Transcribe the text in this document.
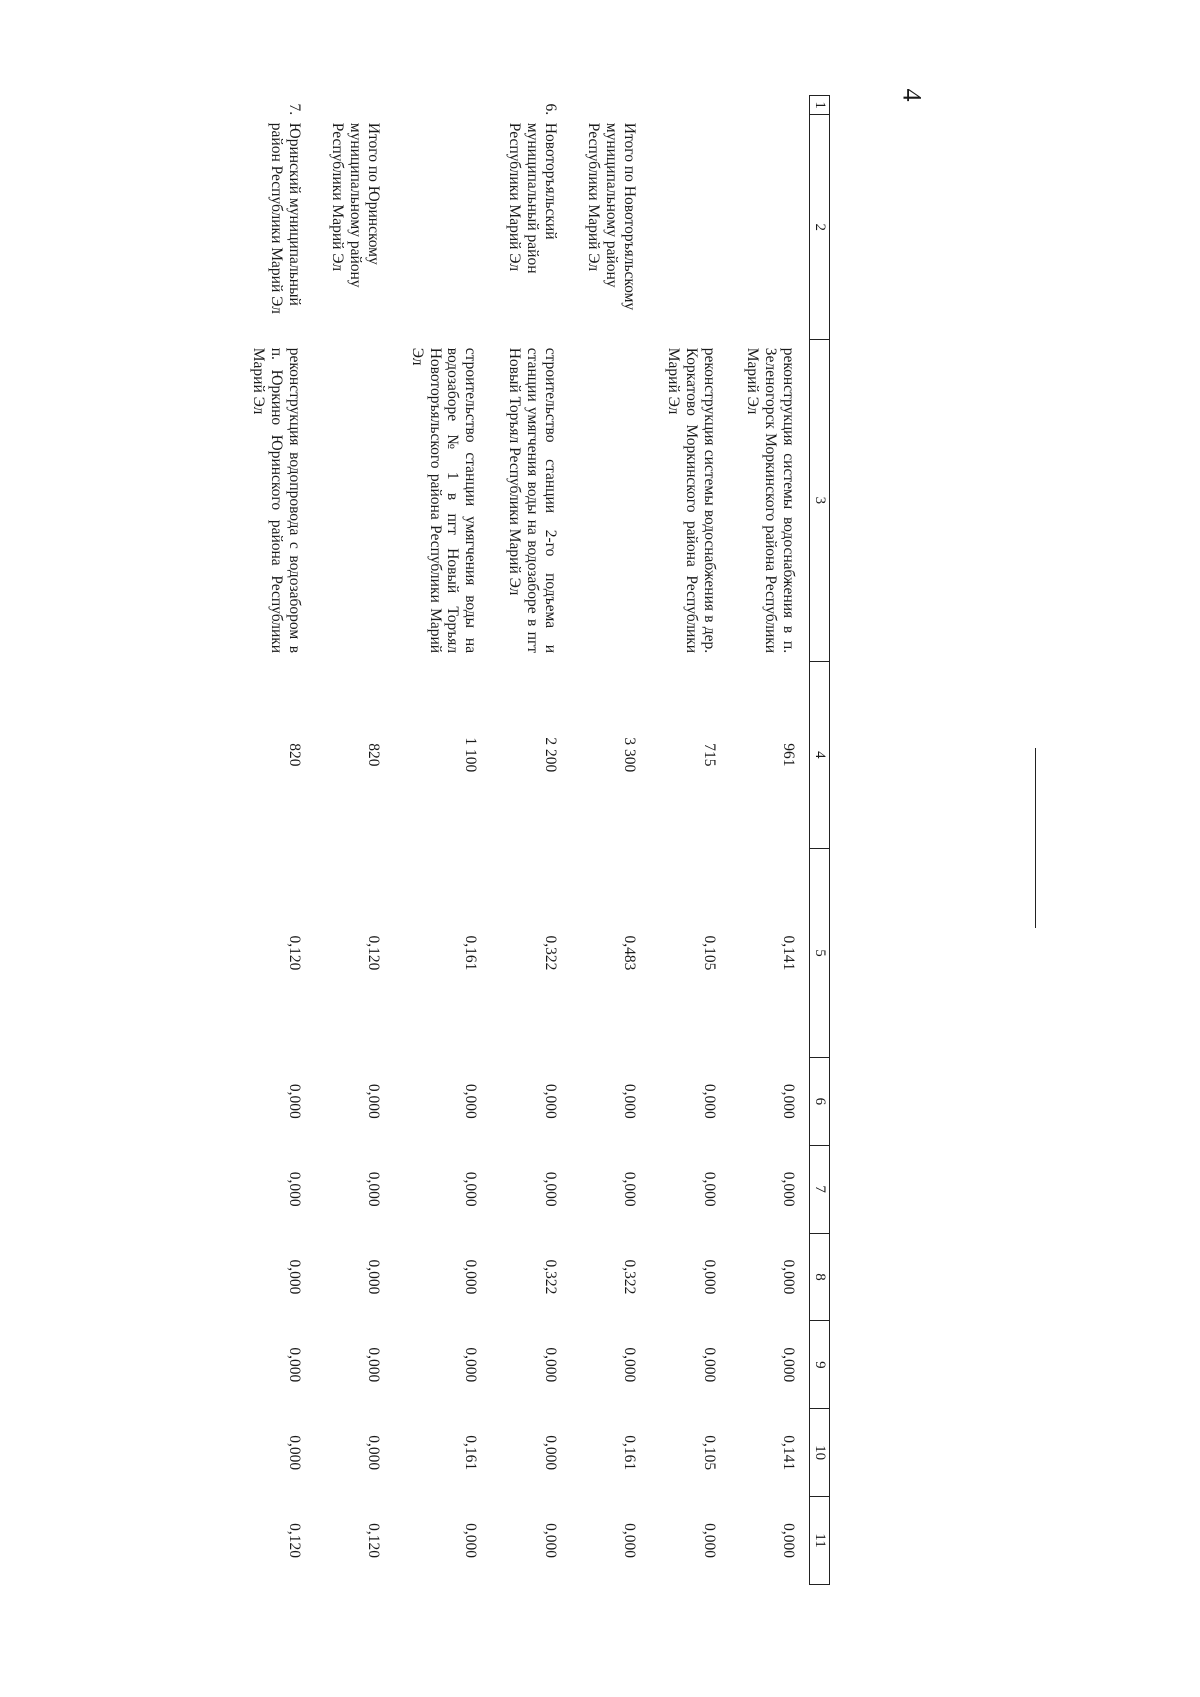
4
1	2	3	4	5	6	7	8	9	10	11
		реконструкция системы водоснабжения в п. Зеленогорск Моркинского района Республики Марий Эл	961	0,141	0,000	0,000	0,000	0,000	0,141	0,000
		реконструкция системы водоснабжения в дер. Коркатово Моркинского района Республики Марий Эл	715	0,105	0,000	0,000	0,000	0,000	0,105	0,000
	Итого по Новоторъяльскому муниципальному району Республики Марий Эл		3 300	0,483	0,000	0,000	0,322	0,000	0,161	0,000
6.	Новоторъяльский муниципальный район Республики Марий Эл	строительство станции 2-го подъема и станции умягчения воды на водозаборе в пгт Новый Торъял Республики Марий Эл	2 200	0,322	0,000	0,000	0,322	0,000	0,000	0,000
		строительство станции умягчения воды на водозаборе № 1 в пгт Новый Торъял Новоторъяльского района Республики Марий Эл	1 100	0,161	0,000	0,000	0,000	0,000	0,161	0,000
	Итого по Юринскому муниципальному району Республики Марий Эл		820	0,120	0,000	0,000	0,000	0,000	0,000	0,120
7.	Юринский муниципальный район Республики Марий Эл	реконструкция водопровода с водозабором в п. Юркино Юринского района Республики Марий Эл	820	0,120	0,000	0,000	0,000	0,000	0,000	0,120
